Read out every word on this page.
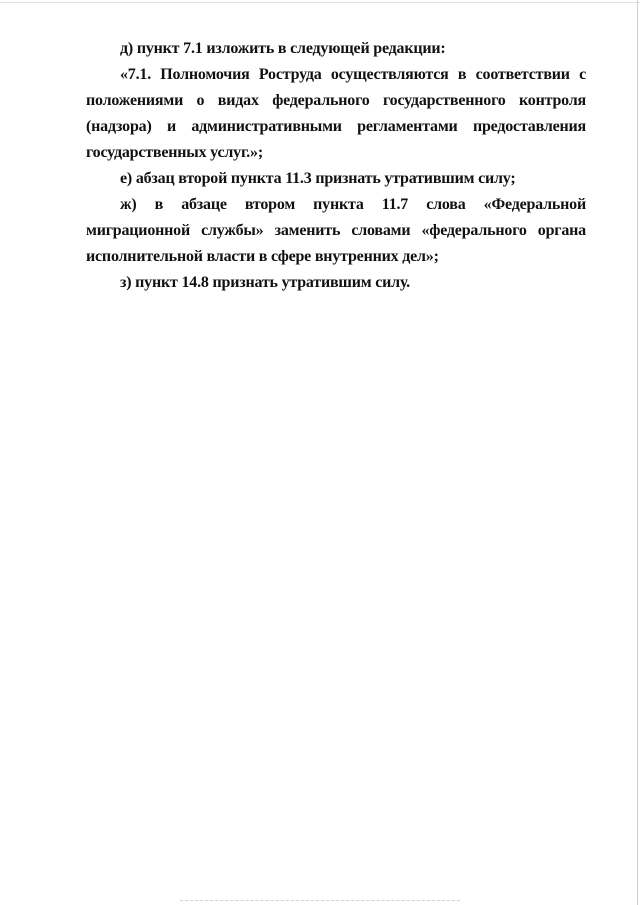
д) пункт 7.1 изложить в следующей редакции:

«7.1. Полномочия Роструда осуществляются в соответствии с положениями о видах федерального государственного контроля (надзора) и административными регламентами предоставления государственных услуг.»;

е) абзац второй пункта 11.3 признать утратившим силу;

ж) в абзаце втором пункта 11.7 слова «Федеральной миграционной службы» заменить словами «федерального органа исполнительной власти в сфере внутренних дел»;

з) пункт 14.8 признать утратившим силу.
